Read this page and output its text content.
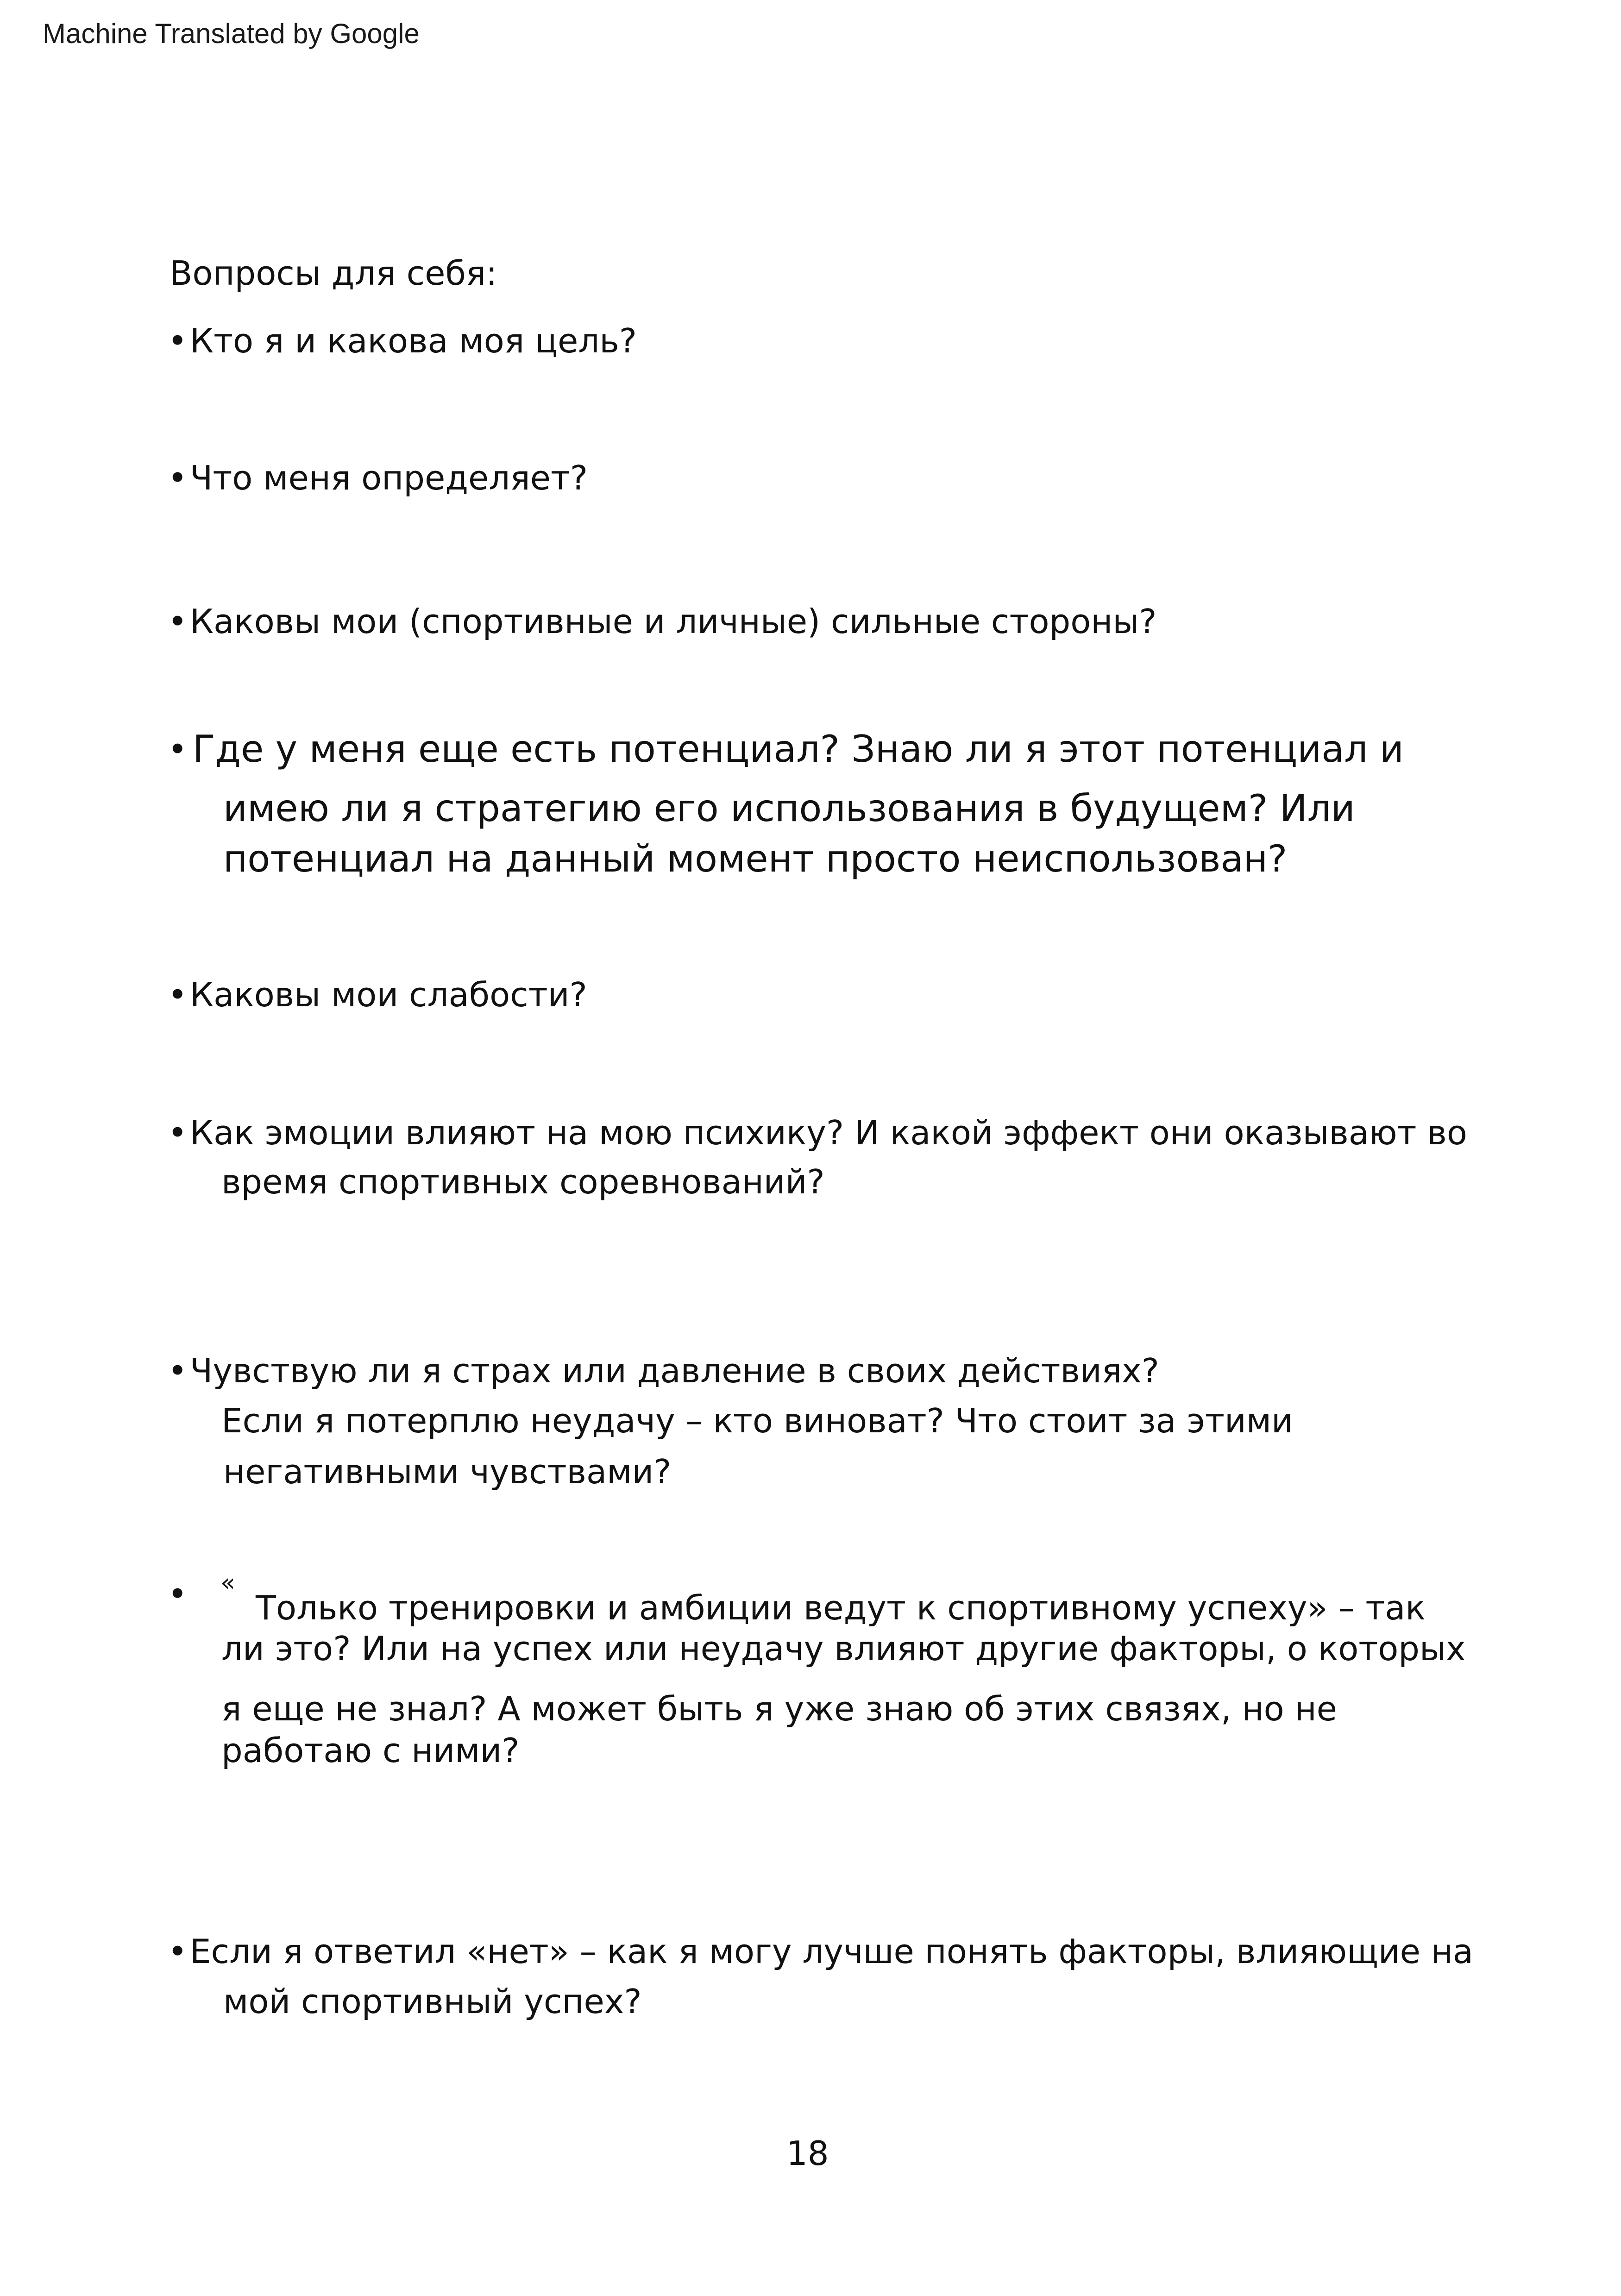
Machine Translated by Google
Вопросы для себя:
• Кто я и какова моя цель?
• Что меня определяет?
• Каковы мои (спортивные и личные) сильные стороны?
• Где у меня еще есть потенциал? Знаю ли я этот потенциал и
имею ли я стратегию его использования в будущем? Или
потенциал на данный момент просто неиспользован?
• Каковы мои слабости?
• Как эмоции влияют на мою психику? И какой эффект они оказывают во
время спортивных соревнований?
• Чувствую ли я страх или давление в своих действиях?
Если я потерплю неудачу – кто виноват? Что стоит за этими
негативными чувствами?
• «
Только тренировки и амбиции ведут к спортивному успеху» – так
ли это? Или на успех или неудачу влияют другие факторы, о которых
я еще не знал? А может быть я уже знаю об этих связях, но не
работаю с ними?
• Если я ответил «нет» – как я могу лучше понять факторы, влияющие на
мой спортивный успех?
18
